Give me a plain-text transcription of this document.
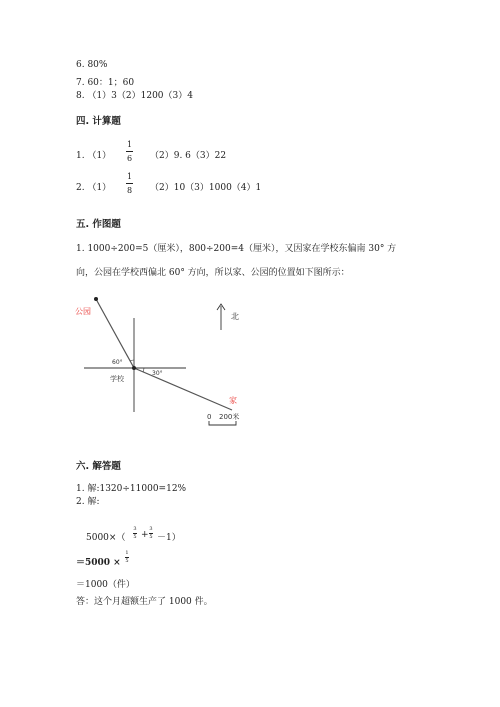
6. 80%
7. 60：1；60
8. （1）3（2）1200（3）4
四. 计算题
1. （1）
1
6 （2）9. 6（3）22
2. （1）
1
8 （2）10（3）1000（4）1
五. 作图题
1. 1000÷200=5（厘米），800÷200=4（厘米），又因家在学校东偏南 30° 方
向，公园在学校西偏北 60° 方向，所以家、公园的位置如下图所示：
公园
60°
30°
学校
家
北
0 200米
六. 解答题
1. 解:1320÷11000=12%
2. 解:
5000×（
3
5 +
3
5 －1）
＝5000 ×
1
5
＝1000（件）
答：这个月超额生产了 1000 件。
